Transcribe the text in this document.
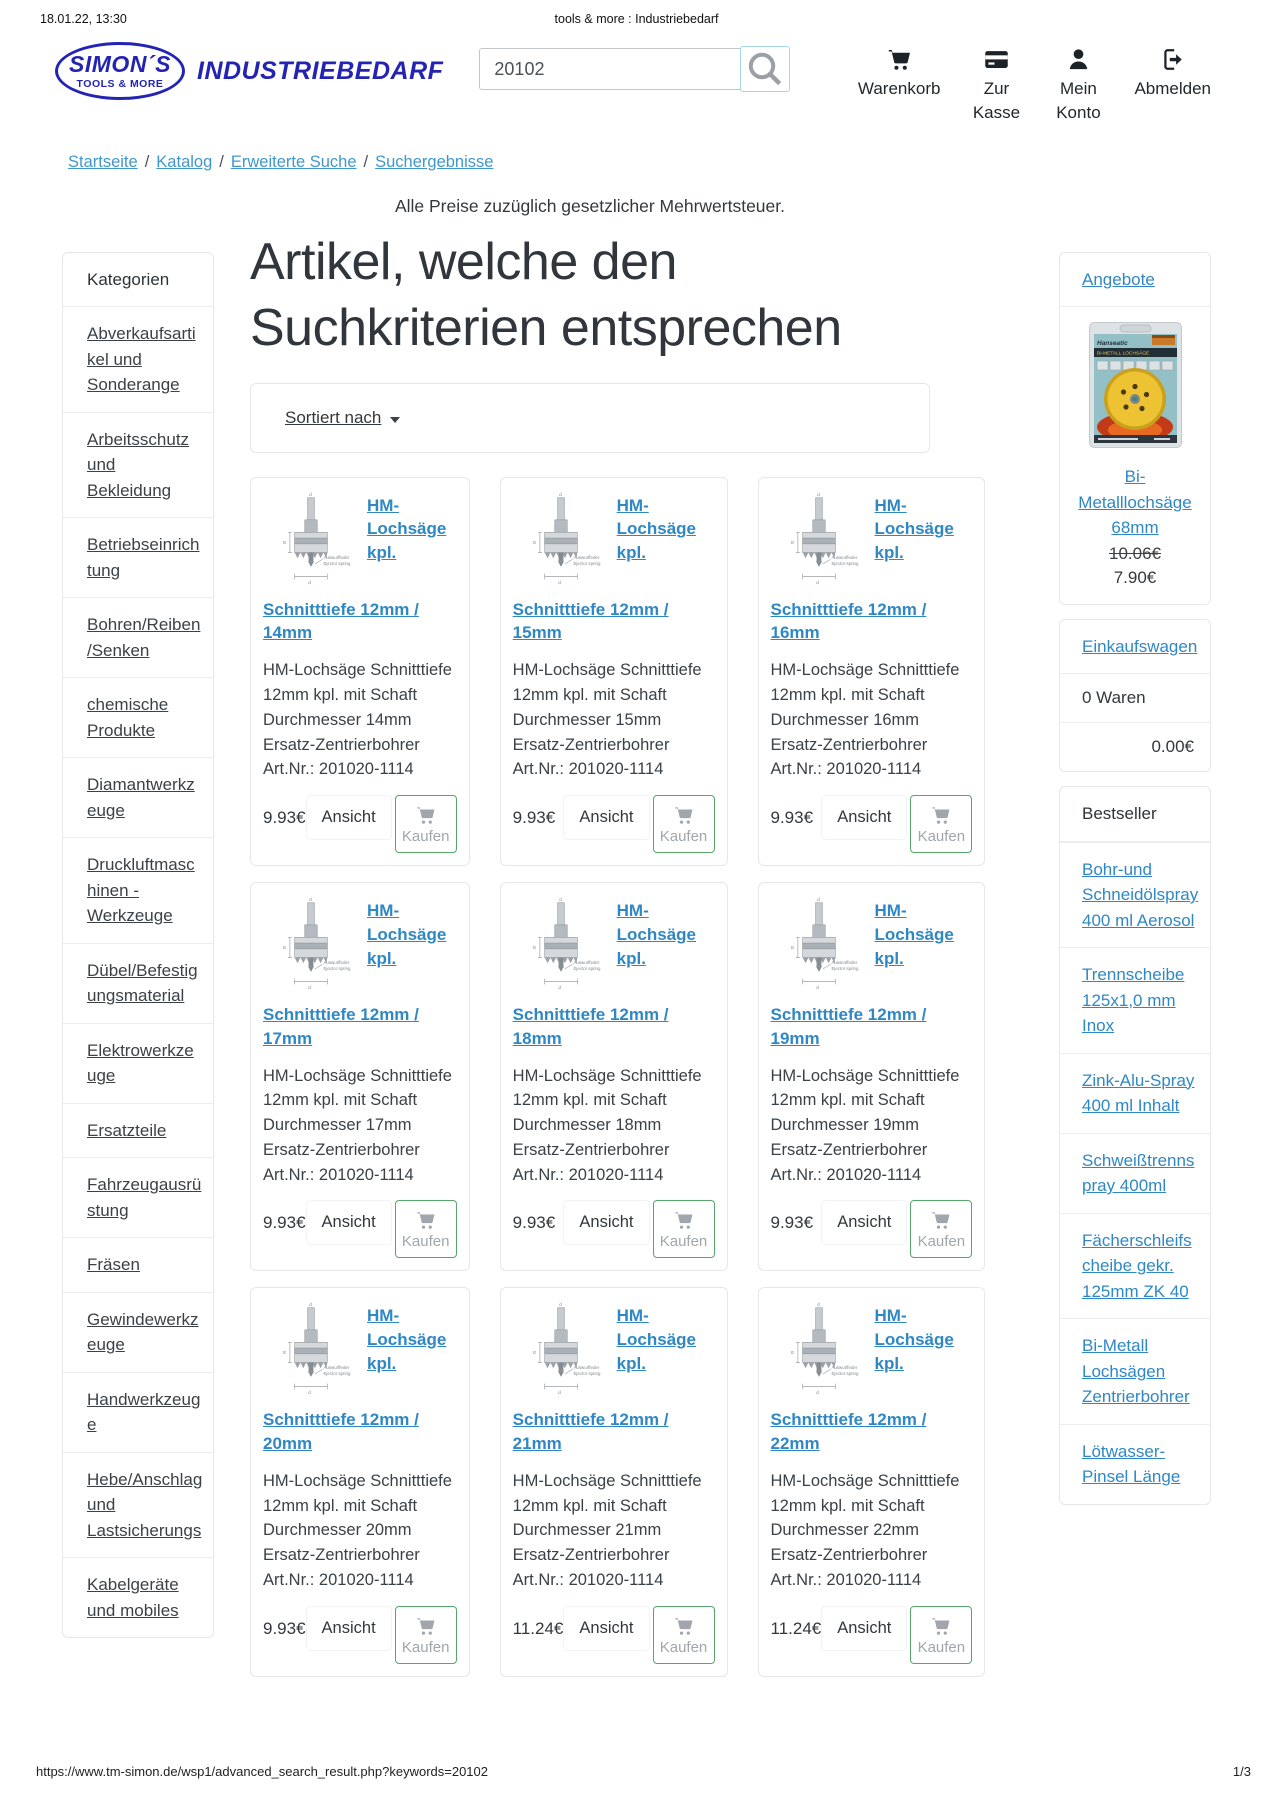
18.01.22, 13:30	tools & more : Industriebedarf
SIMON´S
TOOLS & MORE INDUSTRIEBEDARF
20102
Warenkorb	Zur Kasse
Mein Konto
Abmelden
Startseite / Katalog / Erweiterte Suche / Suchergebnisse
Kategorien
Abverkaufsartikel und Sonderange
Arbeitsschutz und Bekleidung
Betriebseinrichtung
Bohren/Reiben/Senken
chemische Produkte
Diamantwerkzeuge
Druckluftmaschinen - Werkzeuge
Dübel/Befestigungsmaterial
Elektrowerkzeuge
Ersatzteile
Fahrzeugausrüstung
Fräsen
Gewindewerkzeuge
Handwerkzeuge
Hebe/Anschlag und Lastsicherungs
Kabelgeräte und mobiles

Alle Preise zuzüglich gesetzlicher Mehrwertsteuer.

Artikel, welche den Suchkriterien entsprechen
Sortiert nach
d
E
Auswurffeder
Ejector spring
d
HM-Lochsäge kpl.
Schnitttiefe 12mm / 14mm

HM-Lochsäge Schnitttiefe 12mm kpl. mit Schaft Durchmesser 14mm Ersatz-Zentrierbohrer
Art.Nr.: 201020-1114

9.93€ Ansicht
Kaufen
d
E
Auswurffeder
Ejector spring
d
HM-Lochsäge kpl.
Schnitttiefe 12mm / 15mm

HM-Lochsäge Schnitttiefe 12mm kpl. mit Schaft Durchmesser 15mm Ersatz-Zentrierbohrer
Art.Nr.: 201020-1114

9.93€	Ansicht
Kaufen
d
E
Auswurffeder
Ejector spring
d
HM-Lochsäge kpl.
Schnitttiefe 12mm / 16mm

HM-Lochsäge Schnitttiefe 12mm kpl. mit Schaft Durchmesser 16mm Ersatz-Zentrierbohrer
Art.Nr.: 201020-1114

9.93€	Ansicht
Kaufen
d
E
Auswurffeder
Ejector spring
d
HM-Lochsäge kpl.
Schnitttiefe 12mm / 17mm

HM-Lochsäge Schnitttiefe 12mm kpl. mit Schaft Durchmesser 17mm Ersatz-Zentrierbohrer
Art.Nr.: 201020-1114

9.93€ Ansicht
Kaufen
d
E
Auswurffeder
Ejector spring
d
HM-Lochsäge kpl.
Schnitttiefe 12mm / 18mm

HM-Lochsäge Schnitttiefe 12mm kpl. mit Schaft Durchmesser 18mm Ersatz-Zentrierbohrer
Art.Nr.: 201020-1114

9.93€	Ansicht
Kaufen
d
E
Auswurffeder
Ejector spring
d
HM-Lochsäge kpl.
Schnitttiefe 12mm / 19mm

HM-Lochsäge Schnitttiefe 12mm kpl. mit Schaft Durchmesser 19mm Ersatz-Zentrierbohrer
Art.Nr.: 201020-1114

9.93€	Ansicht
Kaufen
d
E
Auswurffeder
Ejector spring
d
HM-Lochsäge kpl.
Schnitttiefe 12mm / 20mm

HM-Lochsäge Schnitttiefe 12mm kpl. mit Schaft Durchmesser 20mm Ersatz-Zentrierbohrer
Art.Nr.: 201020-1114

9.93€ Ansicht
Kaufen
d
E
Auswurffeder
Ejector spring
d
HM-Lochsäge kpl.
Schnitttiefe 12mm / 21mm

HM-Lochsäge Schnitttiefe 12mm kpl. mit Schaft Durchmesser 21mm Ersatz-Zentrierbohrer
Art.Nr.: 201020-1114

11.24€ Ansicht
Kaufen
d
E
Auswurffeder
Ejector spring
d
HM-Lochsäge kpl.
Schnitttiefe 12mm / 22mm

HM-Lochsäge Schnitttiefe 12mm kpl. mit Schaft Durchmesser 22mm Ersatz-Zentrierbohrer
Art.Nr.: 201020-1114

11.24€ Ansicht
Kaufen
Angebote
Hanseatic
BI-METALL LOCHSÄGE
Bi-Metalllochsäge 68mm
10.06€
7.90€
Einkaufswagen
0 Waren
0.00€
Bestseller
Bohr-und Schneidölspray 400 ml Aerosol
Trennscheibe 125x1,0 mm Inox
Zink-Alu-Spray 400 ml Inhalt
Schweißtrennspray 400ml
Fächerschleifscheibe gekr. 125mm ZK 40
Bi-Metall Lochsägen Zentrierbohrer
Lötwasser-Pinsel Länge
https://www.tm-simon.de/wsp1/advanced_search_result.php?keywords=20102	1/3
